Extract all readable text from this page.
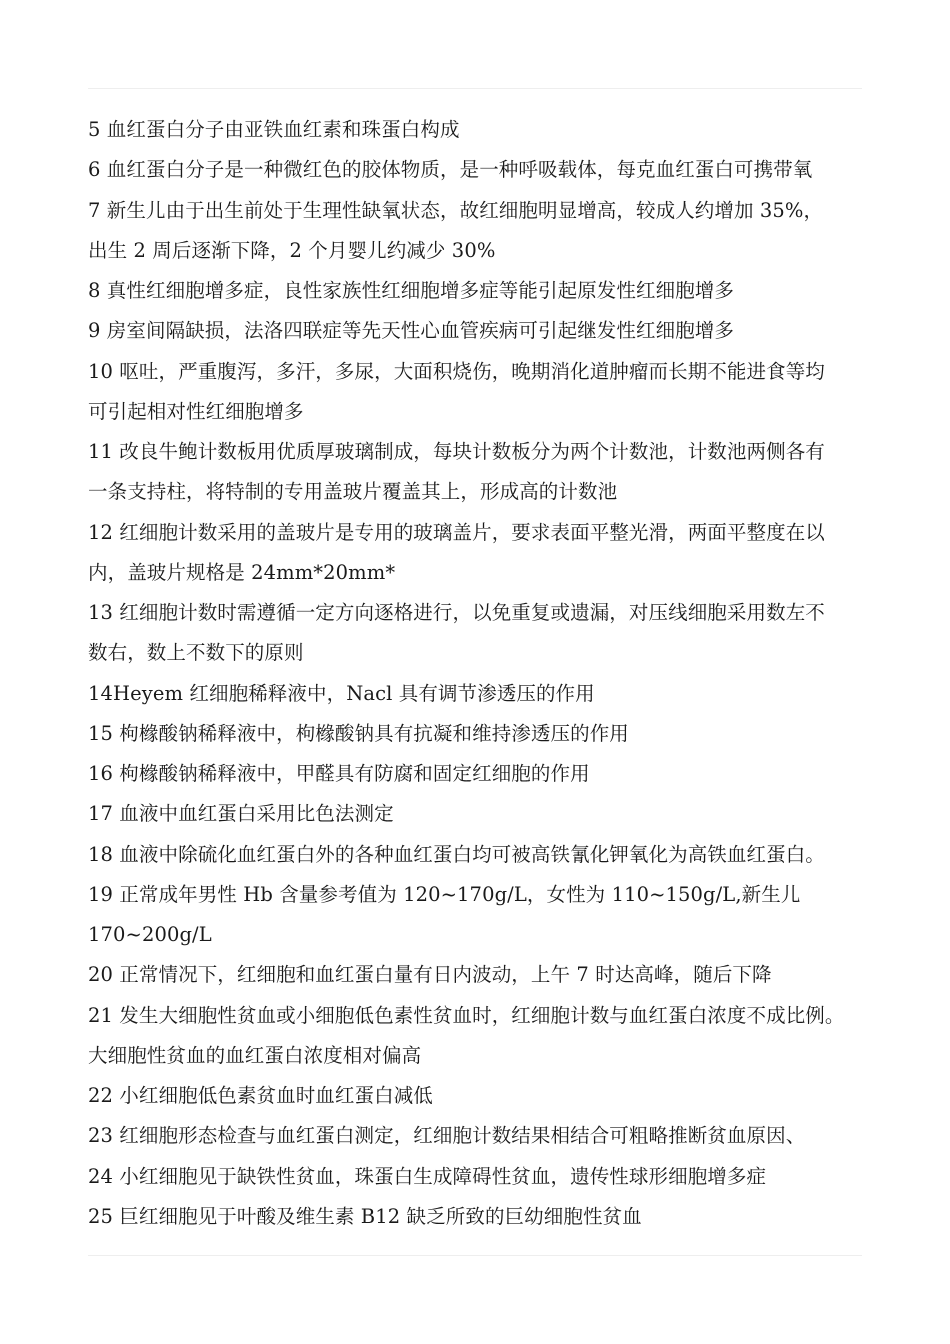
5 血红蛋白分子由亚铁血红素和珠蛋白构成
6 血红蛋白分子是一种微红色的胶体物质，是一种呼吸载体，每克血红蛋白可携带氧
7 新生儿由于出生前处于生理性缺氧状态，故红细胞明显增高，较成人约增加 35%，
出生 2 周后逐渐下降，2 个月婴儿约减少 30%
8 真性红细胞增多症，良性家族性红细胞增多症等能引起原发性红细胞增多
9 房室间隔缺损，法洛四联症等先天性心血管疾病可引起继发性红细胞增多
10 呕吐，严重腹泻，多汗，多尿，大面积烧伤，晚期消化道肿瘤而长期不能进食等均
可引起相对性红细胞增多
11 改良牛鲍计数板用优质厚玻璃制成，每块计数板分为两个计数池，计数池两侧各有
一条支持柱，将特制的专用盖玻片覆盖其上，形成高的计数池
12 红细胞计数采用的盖玻片是专用的玻璃盖片，要求表面平整光滑，两面平整度在以
内，盖玻片规格是 24mm*20mm*
13 红细胞计数时需遵循一定方向逐格进行，以免重复或遗漏，对压线细胞采用数左不
数右，数上不数下的原则
14Heyem 红细胞稀释液中，Nacl 具有调节渗透压的作用
15 枸橼酸钠稀释液中，枸橼酸钠具有抗凝和维持渗透压的作用
16 枸橼酸钠稀释液中，甲醛具有防腐和固定红细胞的作用
17 血液中血红蛋白采用比色法测定
18 血液中除硫化血红蛋白外的各种血红蛋白均可被高铁氰化钾氧化为高铁血红蛋白。
19 正常成年男性 Hb 含量参考值为 120~170g/L，女性为 110~150g/L,新生儿
170~200g/L
20 正常情况下，红细胞和血红蛋白量有日内波动，上午 7 时达高峰，随后下降
21 发生大细胞性贫血或小细胞低色素性贫血时，红细胞计数与血红蛋白浓度不成比例。
大细胞性贫血的血红蛋白浓度相对偏高
22 小红细胞低色素贫血时血红蛋白减低
23 红细胞形态检查与血红蛋白测定，红细胞计数结果相结合可粗略推断贫血原因、
24 小红细胞见于缺铁性贫血，珠蛋白生成障碍性贫血，遗传性球形细胞增多症
25 巨红细胞见于叶酸及维生素 B12 缺乏所致的巨幼细胞性贫血
